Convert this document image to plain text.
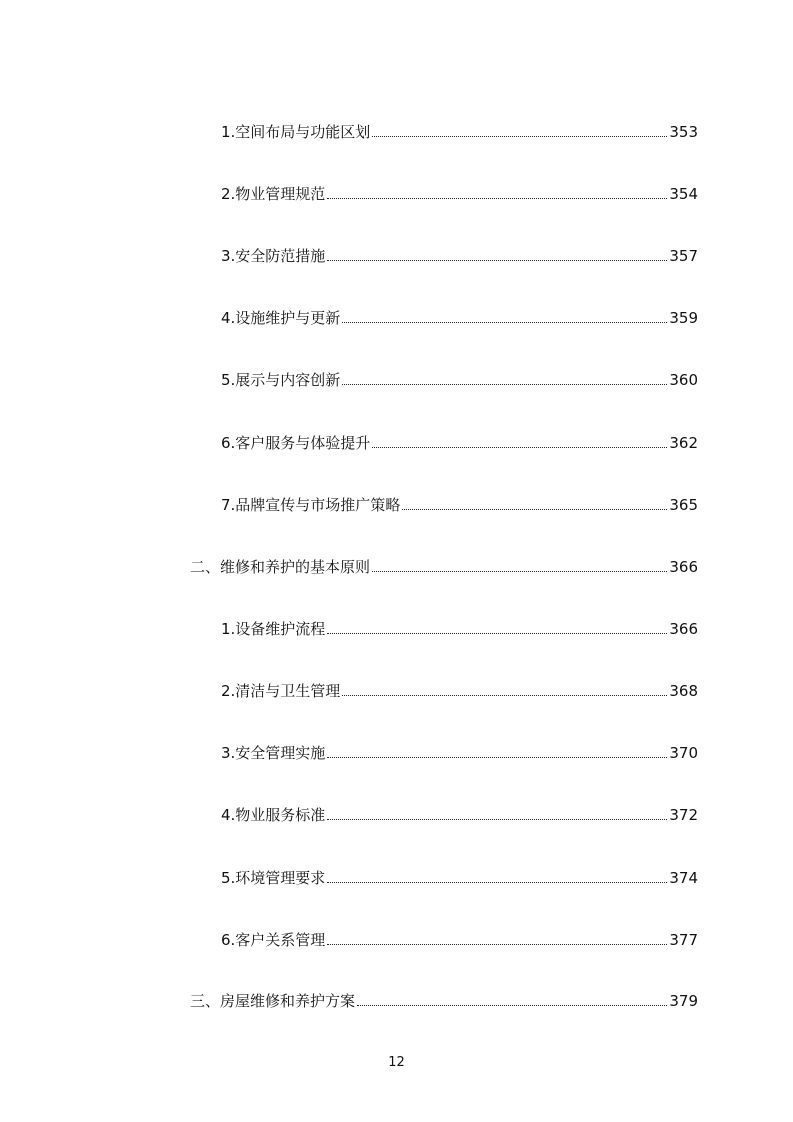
1.空间布局与功能区划	353
2.物业管理规范	354
3.安全防范措施	357
4.设施维护与更新	359
5.展示与内容创新	360
6.客户服务与体验提升	362
7.品牌宣传与市场推广策略	365
二、维修和养护的基本原则	366
1.设备维护流程	366
2.清洁与卫生管理	368
3.安全管理实施	370
4.物业服务标准	372
5.环境管理要求	374
6.客户关系管理	377
三、房屋维修和养护方案	379
12
